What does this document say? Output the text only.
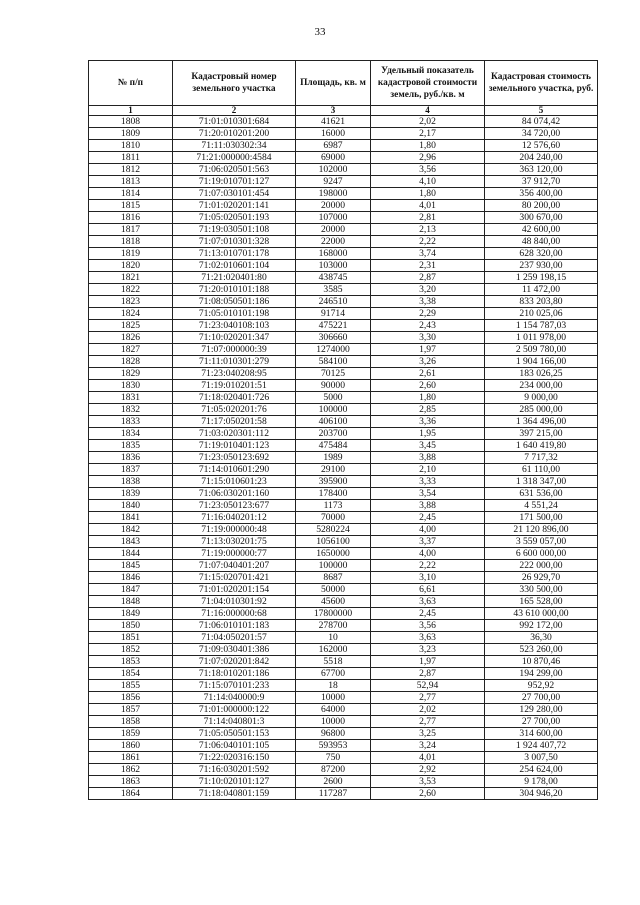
33
№ п/п	Кадастровый номер земельного участка	Площадь, кв. м	Удельный показатель кадастровой стоимости земель, руб./кв. м	Кадастровая стоимость земельного участка, руб.
1	2	3	4	5
1808	71:01:010301:684	41621	2,02	84 074,42
1809	71:20:010201:200	16000	2,17	34 720,00
1810	71:11:030302:34	6987	1,80	12 576,60
1811	71:21:000000:4584	69000	2,96	204 240,00
1812	71:06:020501:563	102000	3,56	363 120,00
1813	71:19:010701:127	9247	4,10	37 912,70
1814	71:07:030101:454	198000	1,80	356 400,00
1815	71:01:020201:141	20000	4,01	80 200,00
1816	71:05:020501:193	107000	2,81	300 670,00
1817	71:19:030501:108	20000	2,13	42 600,00
1818	71:07:010301:328	22000	2,22	48 840,00
1819	71:13:010701:178	168000	3,74	628 320,00
1820	71:02:010601:104	103000	2,31	237 930,00
1821	71:21:020401:80	438745	2,87	1 259 198,15
1822	71:20:010101:188	3585	3,20	11 472,00
1823	71:08:050501:186	246510	3,38	833 203,80
1824	71:05:010101:198	91714	2,29	210 025,06
1825	71:23:040108:103	475221	2,43	1 154 787,03
1826	71:10:020201:347	306660	3,30	1 011 978,00
1827	71:07:000000:39	1274000	1,97	2 509 780,00
1828	71:11:010301:279	584100	3,26	1 904 166,00
1829	71:23:040208:95	70125	2,61	183 026,25
1830	71:19:010201:51	90000	2,60	234 000,00
1831	71:18:020401:726	5000	1,80	9 000,00
1832	71:05:020201:76	100000	2,85	285 000,00
1833	71:17:050201:58	406100	3,36	1 364 496,00
1834	71:03:020301:112	203700	1,95	397 215,00
1835	71:19:010401:123	475484	3,45	1 640 419,80
1836	71:23:050123:692	1989	3,88	7 717,32
1837	71:14:010601:290	29100	2,10	61 110,00
1838	71:15:010601:23	395900	3,33	1 318 347,00
1839	71:06:030201:160	178400	3,54	631 536,00
1840	71:23:050123:677	1173	3,88	4 551,24
1841	71:16:040201:12	70000	2,45	171 500,00
1842	71:19:000000:48	5280224	4,00	21 120 896,00
1843	71:13:030201:75	1056100	3,37	3 559 057,00
1844	71:19:000000:77	1650000	4,00	6 600 000,00
1845	71:07:040401:207	100000	2,22	222 000,00
1846	71:15:020701:421	8687	3,10	26 929,70
1847	71:01:020201:154	50000	6,61	330 500,00
1848	71:04:010301:92	45600	3,63	165 528,00
1849	71:16:000000:68	17800000	2,45	43 610 000,00
1850	71:06:010101:183	278700	3,56	992 172,00
1851	71:04:050201:57	10	3,63	36,30
1852	71:09:030401:386	162000	3,23	523 260,00
1853	71:07:020201:842	5518	1,97	10 870,46
1854	71:18:010201:186	67700	2,87	194 299,00
1855	71:15:070101:233	18	52,94	952,92
1856	71:14:040000:9	10000	2,77	27 700,00
1857	71:01:000000:122	64000	2,02	129 280,00
1858	71:14:040801:3	10000	2,77	27 700,00
1859	71:05:050501:153	96800	3,25	314 600,00
1860	71:06:040101:105	593953	3,24	1 924 407,72
1861	71:22:020316:150	750	4,01	3 007,50
1862	71:16:030201:592	87200	2,92	254 624,00
1863	71:10:020101:127	2600	3,53	9 178,00
1864	71:18:040801:159	117287	2,60	304 946,20
